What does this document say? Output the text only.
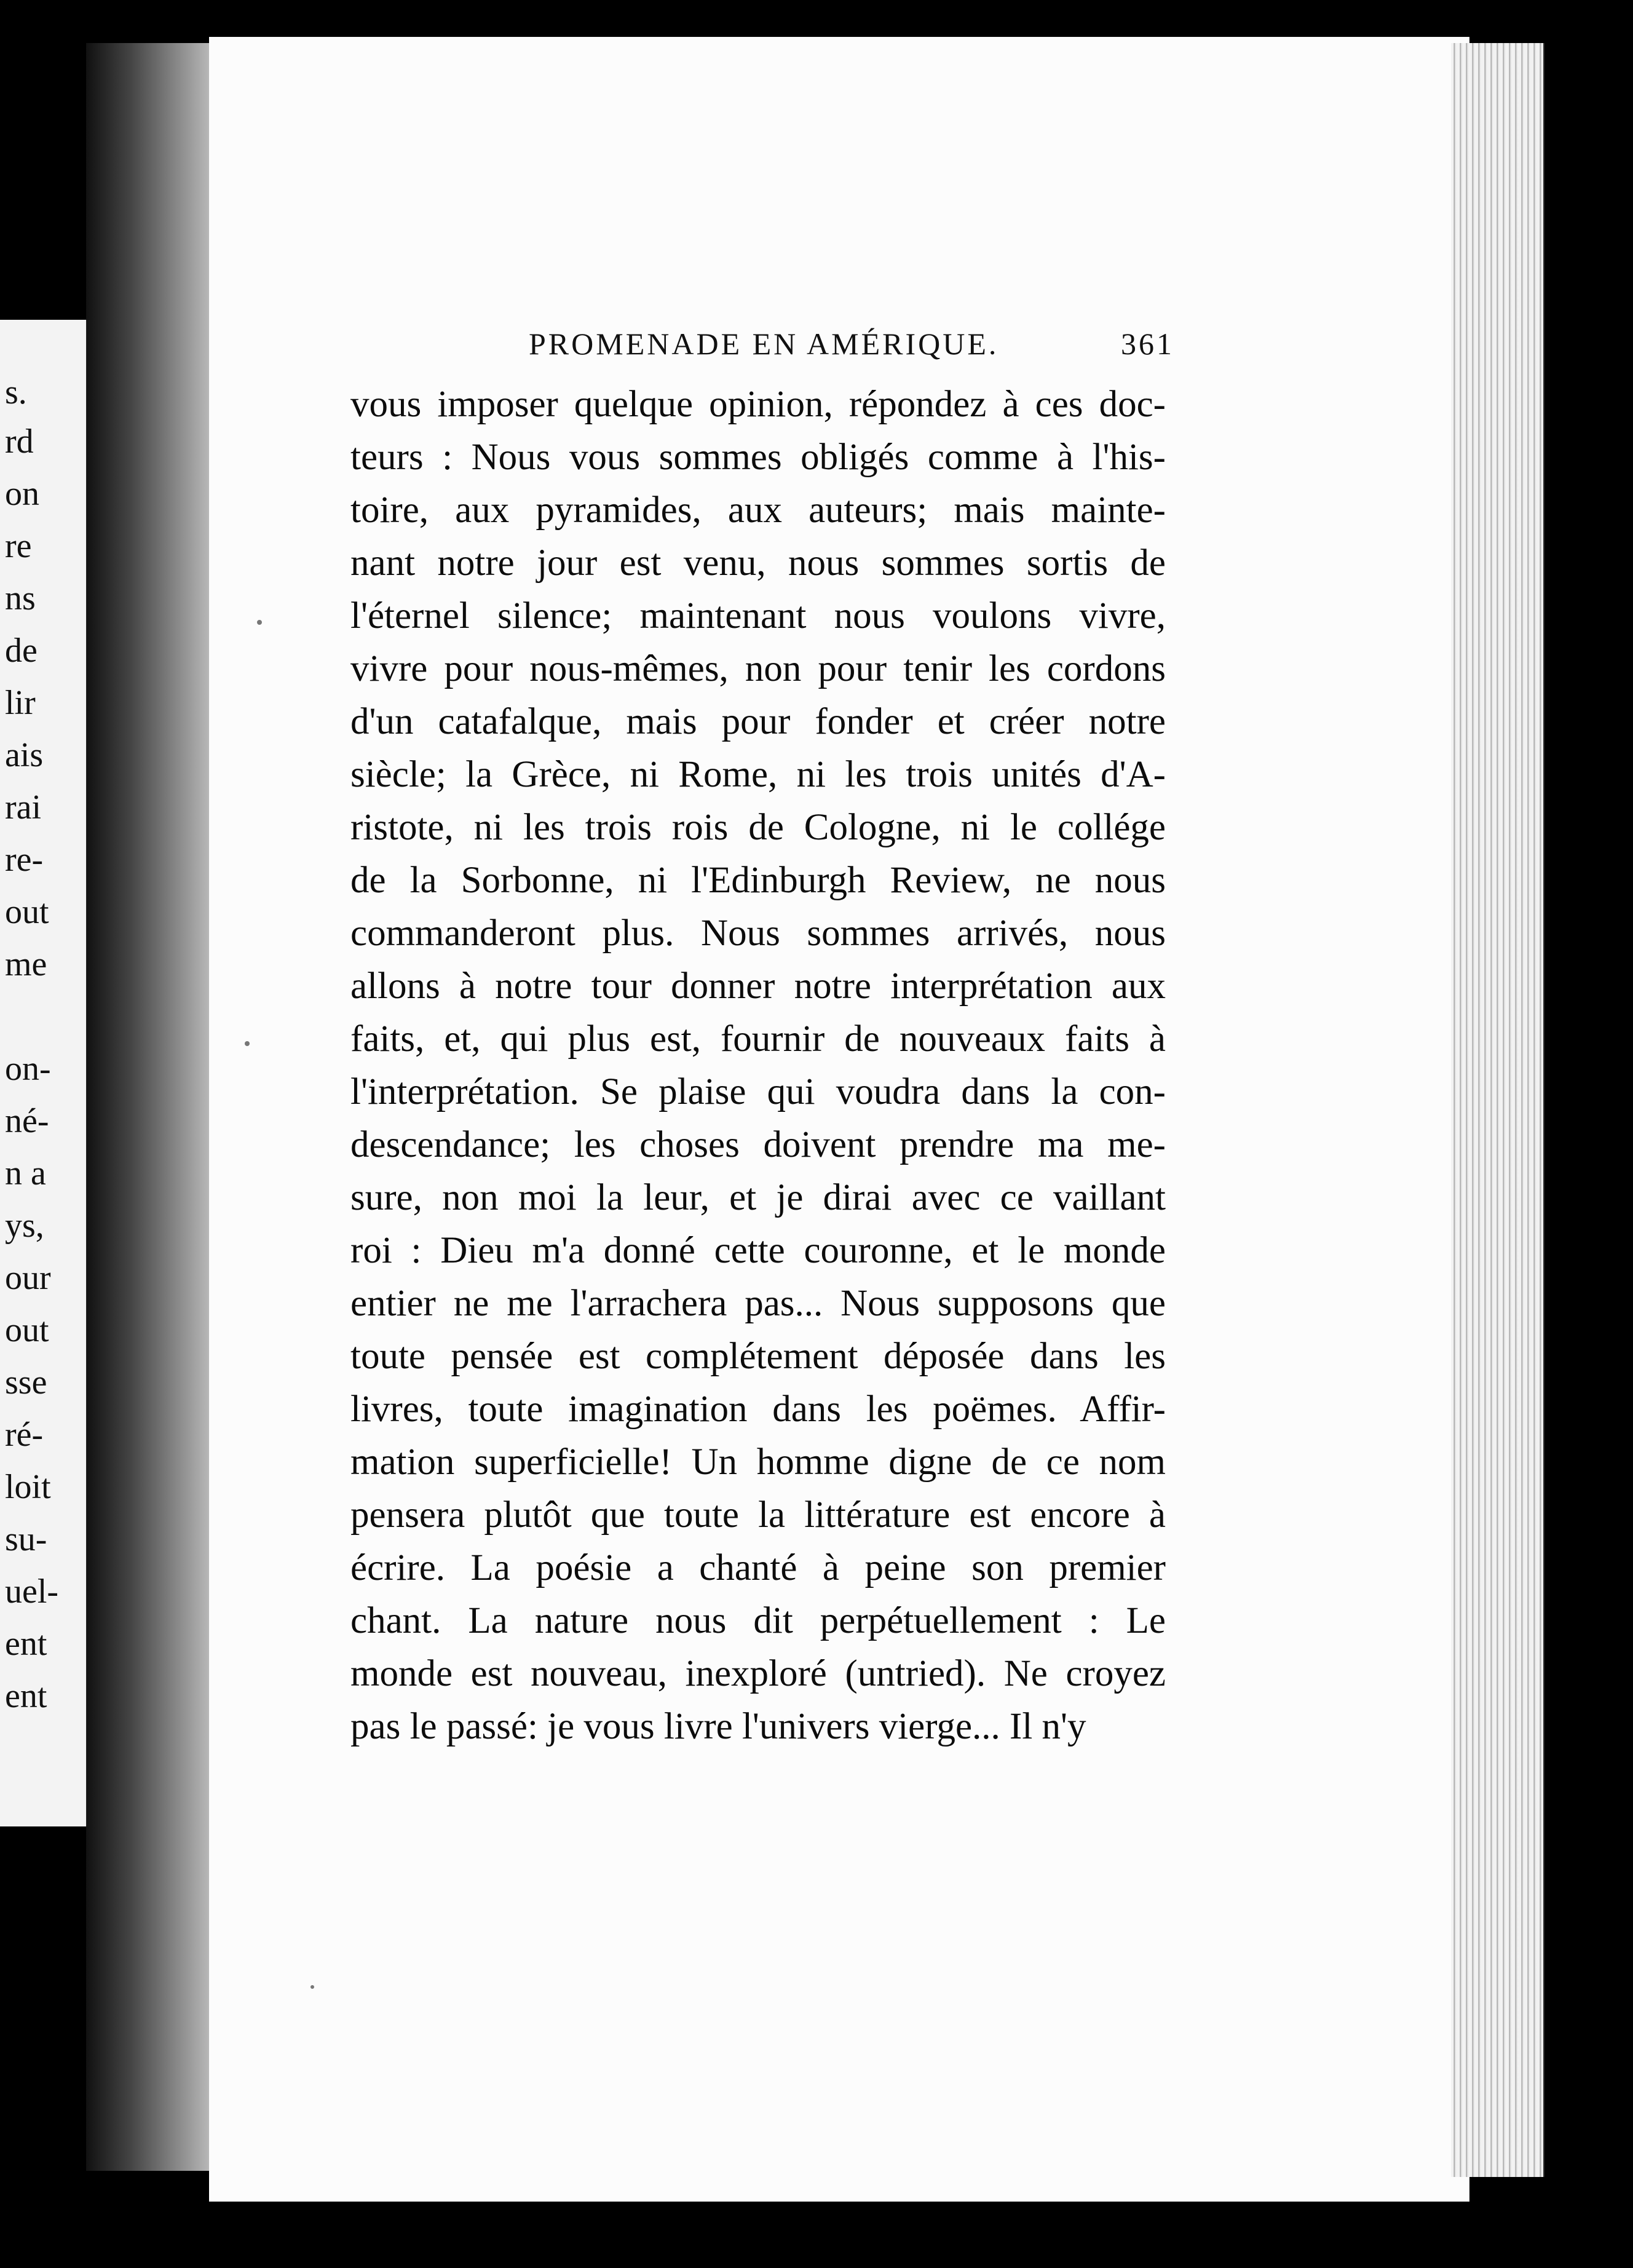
s.
rd
on
re
ns
de
lir
ais
rai
re-
out
me
on-
né-
n a
ys,
our
out
sse
ré-
loit
su-
uel-
ent
ent
PROMENADE EN AMÉRIQUE.	361
vous imposer quelque opinion, répondez à ces doc-
teurs : Nous vous sommes obligés comme à l'his-
toire, aux pyramides, aux auteurs; mais mainte-
nant notre jour est venu, nous sommes sortis de
l'éternel silence; maintenant nous voulons vivre,
vivre pour nous-mêmes, non pour tenir les cordons
d'un catafalque, mais pour fonder et créer notre
siècle; la Grèce, ni Rome, ni les trois unités d'A-
ristote, ni les trois rois de Cologne, ni le collége
de la Sorbonne, ni l'Edinburgh Review, ne nous
commanderont plus. Nous sommes arrivés, nous
allons à notre tour donner notre interprétation aux
faits, et, qui plus est, fournir de nouveaux faits à
l'interprétation. Se plaise qui voudra dans la con-
descendance; les choses doivent prendre ma me-
sure, non moi la leur, et je dirai avec ce vaillant
roi : Dieu m'a donné cette couronne, et le monde
entier ne me l'arrachera pas... Nous supposons que
toute pensée est complétement déposée dans les
livres, toute imagination dans les poëmes. Affir-
mation superficielle! Un homme digne de ce nom
pensera plutôt que toute la littérature est encore à
écrire. La poésie a chanté à peine son premier
chant. La nature nous dit perpétuellement : Le
monde est nouveau, inexploré (untried). Ne croyez
pas le passé: je vous livre l'univers vierge... Il n'y
